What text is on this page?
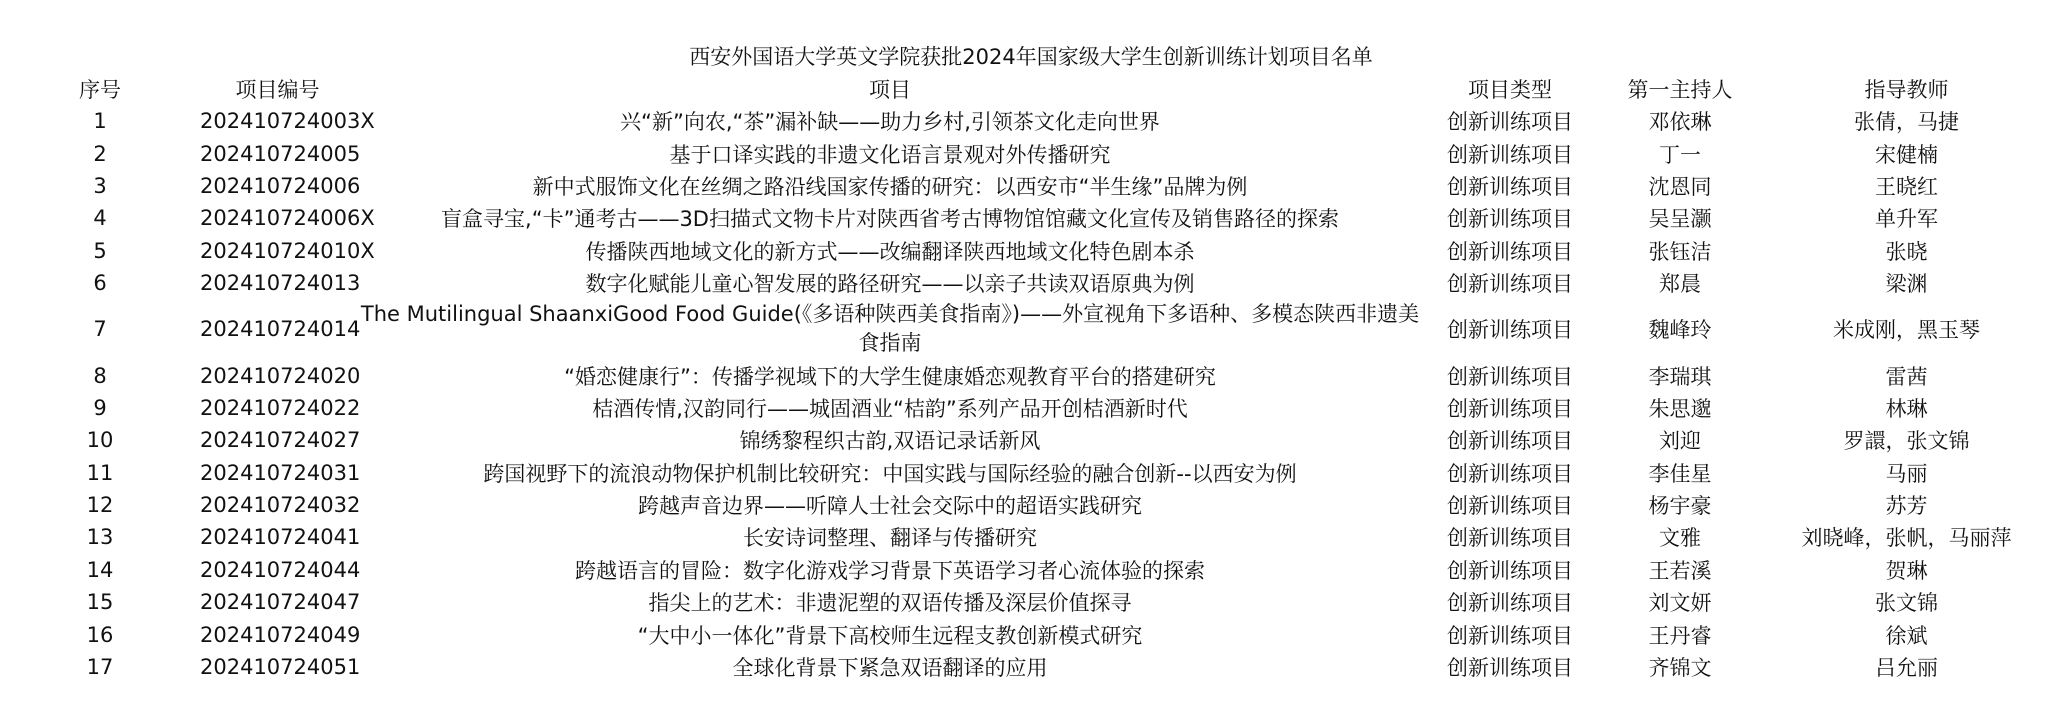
西安外国语大学英文学院获批2024年国家级大学生创新训练计划项目名单
序号	项目编号	项目	项目类型	第一主持人	指导教师
1	202410724003X	兴“新”向农,“茶”漏补缺——助力乡村,引领茶文化走向世界	创新训练项目	邓依琳	张倩，马捷
2	202410724005	基于口译实践的非遗文化语言景观对外传播研究	创新训练项目	丁一	宋健楠
3	202410724006	新中式服饰文化在丝绸之路沿线国家传播的研究：以西安市“半生缘”品牌为例	创新训练项目	沈恩同	王晓红
4	202410724006X	盲盒寻宝,“卡”通考古——3D扫描式文物卡片对陕西省考古博物馆馆藏文化宣传及销售路径的探索	创新训练项目	吴呈灏	单升军
5	202410724010X	传播陕西地域文化的新方式——改编翻译陕西地域文化特色剧本杀	创新训练项目	张钰洁	张晓
6	202410724013	数字化赋能儿童心智发展的路径研究——以亲子共读双语原典为例	创新训练项目	郑晨	梁渊
7	202410724014	The Mutilingual ShaanxiGood Food Guide(《多语种陕西美食指南》)——外宣视角下多语种、多模态陕西非遗美食指南	创新训练项目	魏峰玲	米成刚，黑玉琴
8	202410724020	“婚恋健康行”：传播学视域下的大学生健康婚恋观教育平台的搭建研究	创新训练项目	李瑞琪	雷茜
9	202410724022	桔酒传情,汉韵同行——城固酒业“桔韵”系列产品开创桔酒新时代	创新训练项目	朱思邈	林琳
10	202410724027	锦绣黎程织古韵,双语记录话新风	创新训练项目	刘迎	罗譞，张文锦
11	202410724031	跨国视野下的流浪动物保护机制比较研究：中国实践与国际经验的融合创新--以西安为例	创新训练项目	李佳星	马丽
12	202410724032	跨越声音边界——听障人士社会交际中的超语实践研究	创新训练项目	杨宇豪	苏芳
13	202410724041	长安诗词整理、翻译与传播研究	创新训练项目	文雅	刘晓峰，张帆，马丽萍
14	202410724044	跨越语言的冒险：数字化游戏学习背景下英语学习者心流体验的探索	创新训练项目	王若溪	贺琳
15	202410724047	指尖上的艺术：非遗泥塑的双语传播及深层价值探寻	创新训练项目	刘文妍	张文锦
16	202410724049	“大中小一体化”背景下高校师生远程支教创新模式研究	创新训练项目	王丹睿	徐斌
17	202410724051	全球化背景下紧急双语翻译的应用	创新训练项目	齐锦文	吕允丽
